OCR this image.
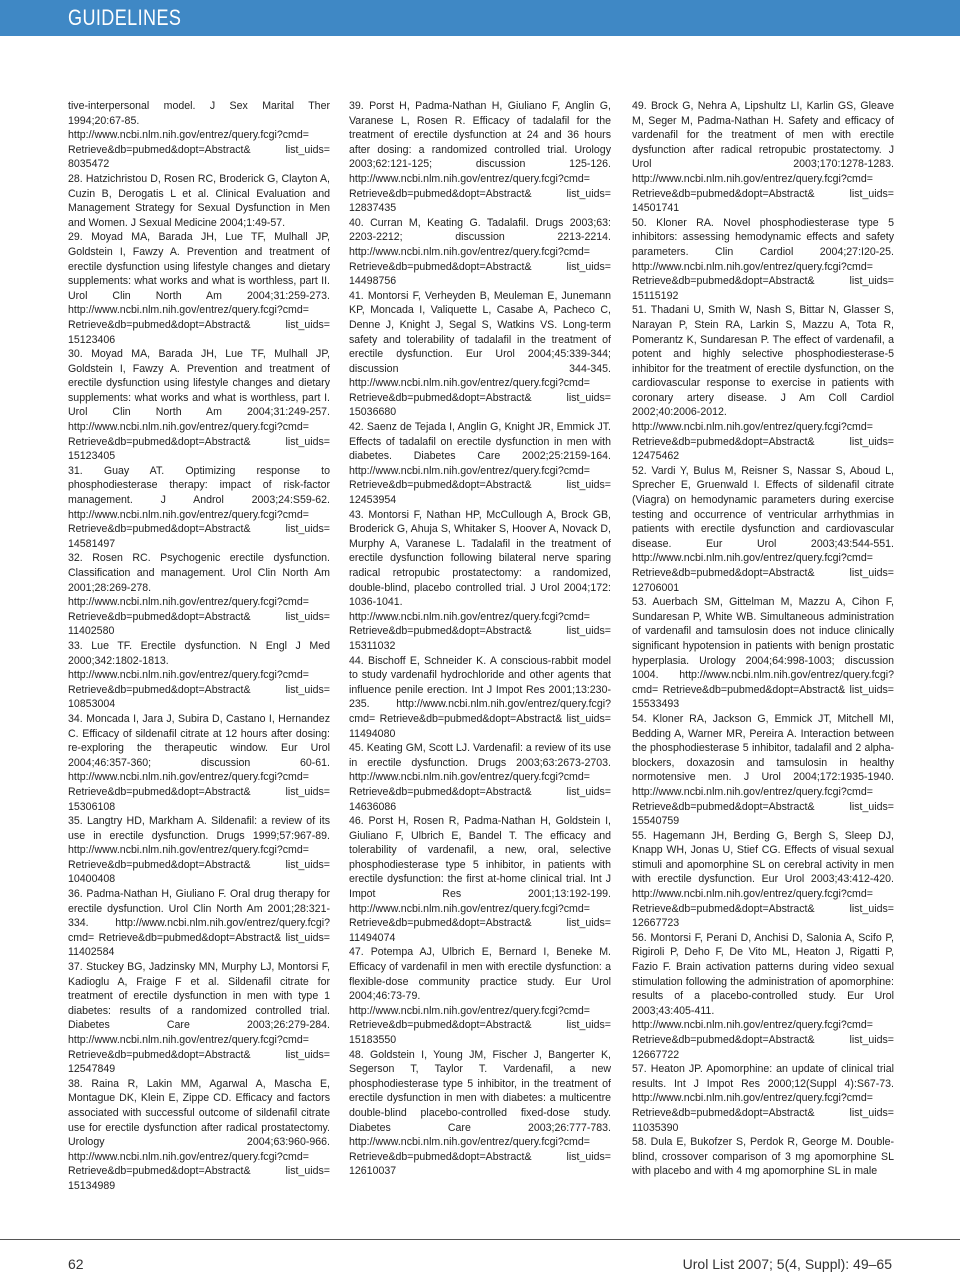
GUIDELINES

tive-interpersonal model. J Sex Marital Ther 1994;20:67-85. http://www.ncbi.nlm.nih.gov/entrez/query.fcgi?cmd= Retrieve&db=pubmed&dopt=Abstract& list_uids= 8035472

28. Hatzichristou D, Rosen RC, Broderick G, Clayton A, Cuzin B, Derogatis L et al. Clinical Evaluation and Management Strategy for Sexual Dysfunction in Men and Women. J Sexual Medicine 2004;1:49-57.

29. Moyad MA, Barada JH, Lue TF, Mulhall JP, Goldstein I, Fawzy A. Prevention and treatment of erectile dysfunction using lifestyle changes and dietary supplements: what works and what is worthless, part II. Urol Clin North Am 2004;31:259-273. http://www.ncbi.nlm.nih.gov/entrez/query.fcgi?cmd= Retrieve&db=pubmed&dopt=Abstract& list_uids= 15123406

30. Moyad MA, Barada JH, Lue TF, Mulhall JP, Goldstein I, Fawzy A. Prevention and treatment of erectile dysfunction using lifestyle changes and dietary supplements: what works and what is worthless, part I. Urol Clin North Am 2004;31:249-257. http://www.ncbi.nlm.nih.gov/entrez/query.fcgi?cmd= Retrieve&db=pubmed&dopt=Abstract& list_uids= 15123405

31. Guay AT. Optimizing response to phosphodiesterase therapy: impact of risk-factor management. J Androl 2003;24:S59-62. http://www.ncbi.nlm.nih.gov/entrez/query.fcgi?cmd= Retrieve&db=pubmed&dopt=Abstract& list_uids= 14581497

32. Rosen RC. Psychogenic erectile dysfunction. Classification and management. Urol Clin North Am 2001;28:269-278. http://www.ncbi.nlm.nih.gov/entrez/query.fcgi?cmd= Retrieve&db=pubmed&dopt=Abstract& list_uids= 11402580

33. Lue TF. Erectile dysfunction. N Engl J Med 2000;342:1802-1813. http://www.ncbi.nlm.nih.gov/entrez/query.fcgi?cmd= Retrieve&db=pubmed&dopt=Abstract& list_uids= 10853004

34. Moncada I, Jara J, Subira D, Castano I, Hernandez C. Efficacy of sildenafil citrate at 12 hours after dosing: re-exploring the therapeutic window. Eur Urol 2004;46:357-360; discussion 60-61. http://www.ncbi.nlm.nih.gov/entrez/query.fcgi?cmd= Retrieve&db=pubmed&dopt=Abstract& list_uids= 15306108

35. Langtry HD, Markham A. Sildenafil: a review of its use in erectile dysfunction. Drugs 1999;57:967-89. http://www.ncbi.nlm.nih.gov/entrez/query.fcgi?cmd= Retrieve&db=pubmed&dopt=Abstract& list_uids= 10400408

36. Padma-Nathan H, Giuliano F. Oral drug therapy for erectile dysfunction. Urol Clin North Am 2001;28:321-334. http://www.ncbi.nlm.nih.gov/entrez/query.fcgi?cmd= Retrieve&db=pubmed&dopt=Abstract& list_uids= 11402584

37. Stuckey BG, Jadzinsky MN, Murphy LJ, Montorsi F, Kadioglu A, Fraige F et al. Sildenafil citrate for treatment of erectile dysfunction in men with type 1 diabetes: results of a randomized controlled trial. Diabetes Care 2003;26:279-284. http://www.ncbi.nlm.nih.gov/entrez/query.fcgi?cmd= Retrieve&db=pubmed&dopt=Abstract& list_uids= 12547849

38. Raina R, Lakin MM, Agarwal A, Mascha E, Montague DK, Klein E, Zippe CD. Efficacy and factors associated with successful outcome of sildenafil citrate use for erectile dysfunction after radical prostatectomy. Urology 2004;63:960-966. http://www.ncbi.nlm.nih.gov/entrez/query.fcgi?cmd= Retrieve&db=pubmed&dopt=Abstract& list_uids= 15134989

39. Porst H, Padma-Nathan H, Giuliano F, Anglin G, Varanese L, Rosen R. Efficacy of tadalafil for the treatment of erectile dysfunction at 24 and 36 hours after dosing: a randomized controlled trial. Urology 2003;62:121-125; discussion 125-126. http://www.ncbi.nlm.nih.gov/entrez/query.fcgi?cmd= Retrieve&db=pubmed&dopt=Abstract& list_uids= 12837435

40. Curran M, Keating G. Tadalafil. Drugs 2003;63: 2203-2212; discussion 2213-2214. http://www.ncbi.nlm.nih.gov/entrez/query.fcgi?cmd= Retrieve&db=pubmed&dopt=Abstract& list_uids= 14498756

41. Montorsi F, Verheyden B, Meuleman E, Junemann KP, Moncada I, Valiquette L, Casabe A, Pacheco C, Denne J, Knight J, Segal S, Watkins VS. Long-term safety and tolerability of tadalafil in the treatment of erectile dysfunction. Eur Urol 2004;45:339-344; discussion 344-345. http://www.ncbi.nlm.nih.gov/entrez/query.fcgi?cmd= Retrieve&db=pubmed&dopt=Abstract& list_uids= 15036680

42. Saenz de Tejada I, Anglin G, Knight JR, Emmick JT. Effects of tadalafil on erectile dysfunction in men with diabetes. Diabetes Care 2002;25:2159-164. http://www.ncbi.nlm.nih.gov/entrez/query.fcgi?cmd= Retrieve&db=pubmed&dopt=Abstract& list_uids= 12453954

43. Montorsi F, Nathan HP, McCullough A, Brock GB, Broderick G, Ahuja S, Whitaker S, Hoover A, Novack D, Murphy A, Varanese L. Tadalafil in the treatment of erectile dysfunction following bilateral nerve sparing radical retropubic prostatectomy: a randomized, double-blind, placebo controlled trial. J Urol 2004;172: 1036-1041. http://www.ncbi.nlm.nih.gov/entrez/query.fcgi?cmd= Retrieve&db=pubmed&dopt=Abstract& list_uids= 15311032

44. Bischoff E, Schneider K. A conscious-rabbit model to study vardenafil hydrochloride and other agents that influence penile erection. Int J Impot Res 2001;13:230-235. http://www.ncbi.nlm.nih.gov/entrez/query.fcgi?cmd= Retrieve&db=pubmed&dopt=Abstract& list_uids= 11494080

45. Keating GM, Scott LJ. Vardenafil: a review of its use in erectile dysfunction. Drugs 2003;63:2673-2703. http://www.ncbi.nlm.nih.gov/entrez/query.fcgi?cmd= Retrieve&db=pubmed&dopt=Abstract& list_uids= 14636086

46. Porst H, Rosen R, Padma-Nathan H, Goldstein I, Giuliano F, Ulbrich E, Bandel T. The efficacy and tolerability of vardenafil, a new, oral, selective phosphodiesterase type 5 inhibitor, in patients with erectile dysfunction: the first at-home clinical trial. Int J Impot Res 2001;13:192-199. http://www.ncbi.nlm.nih.gov/entrez/query.fcgi?cmd= Retrieve&db=pubmed&dopt=Abstract& list_uids= 11494074

47. Potempa AJ, Ulbrich E, Bernard I, Beneke M. Efficacy of vardenafil in men with erectile dysfunction: a flexible-dose community practice study. Eur Urol 2004;46:73-79. http://www.ncbi.nlm.nih.gov/entrez/query.fcgi?cmd= Retrieve&db=pubmed&dopt=Abstract& list_uids= 15183550

48. Goldstein I, Young JM, Fischer J, Bangerter K, Segerson T, Taylor T. Vardenafil, a new phosphodiesterase type 5 inhibitor, in the treatment of erectile dysfunction in men with diabetes: a multicentre double-blind placebo-controlled fixed-dose study. Diabetes Care 2003;26:777-783. http://www.ncbi.nlm.nih.gov/entrez/query.fcgi?cmd= Retrieve&db=pubmed&dopt=Abstract& list_uids= 12610037

49. Brock G, Nehra A, Lipshultz LI, Karlin GS, Gleave M, Seger M, Padma-Nathan H. Safety and efficacy of vardenafil for the treatment of men with erectile dysfunction after radical retropubic prostatectomy. J Urol 2003;170:1278-1283. http://www.ncbi.nlm.nih.gov/entrez/query.fcgi?cmd= Retrieve&db=pubmed&dopt=Abstract& list_uids= 14501741

50. Kloner RA. Novel phosphodiesterase type 5 inhibitors: assessing hemodynamic effects and safety parameters. Clin Cardiol 2004;27:I20-25. http://www.ncbi.nlm.nih.gov/entrez/query.fcgi?cmd= Retrieve&db=pubmed&dopt=Abstract& list_uids= 15115192

51. Thadani U, Smith W, Nash S, Bittar N, Glasser S, Narayan P, Stein RA, Larkin S, Mazzu A, Tota R, Pomerantz K, Sundaresan P. The effect of vardenafil, a potent and highly selective phosphodiesterase-5 inhibitor for the treatment of erectile dysfunction, on the cardiovascular response to exercise in patients with coronary artery disease. J Am Coll Cardiol 2002;40:2006-2012. http://www.ncbi.nlm.nih.gov/entrez/query.fcgi?cmd= Retrieve&db=pubmed&dopt=Abstract& list_uids= 12475462

52. Vardi Y, Bulus M, Reisner S, Nassar S, Aboud L, Sprecher E, Gruenwald I. Effects of sildenafil citrate (Viagra) on hemodynamic parameters during exercise testing and occurrence of ventricular arrhythmias in patients with erectile dysfunction and cardiovascular disease. Eur Urol 2003;43:544-551. http://www.ncbi.nlm.nih.gov/entrez/query.fcgi?cmd= Retrieve&db=pubmed&dopt=Abstract& list_uids= 12706001

53. Auerbach SM, Gittelman M, Mazzu A, Cihon F, Sundaresan P, White WB. Simultaneous administration of vardenafil and tamsulosin does not induce clinically significant hypotension in patients with benign prostatic hyperplasia. Urology 2004;64:998-1003; discussion 1004. http://www.ncbi.nlm.nih.gov/entrez/query.fcgi?cmd= Retrieve&db=pubmed&dopt=Abstract& list_uids= 15533493

54. Kloner RA, Jackson G, Emmick JT, Mitchell MI, Bedding A, Warner MR, Pereira A. Interaction between the phosphodiesterase 5 inhibitor, tadalafil and 2 alpha-blockers, doxazosin and tamsulosin in healthy normotensive men. J Urol 2004;172:1935-1940. http://www.ncbi.nlm.nih.gov/entrez/query.fcgi?cmd= Retrieve&db=pubmed&dopt=Abstract& list_uids= 15540759

55. Hagemann JH, Berding G, Bergh S, Sleep DJ, Knapp WH, Jonas U, Stief CG. Effects of visual sexual stimuli and apomorphine SL on cerebral activity in men with erectile dysfunction. Eur Urol 2003;43:412-420. http://www.ncbi.nlm.nih.gov/entrez/query.fcgi?cmd= Retrieve&db=pubmed&dopt=Abstract& list_uids= 12667723

56. Montorsi F, Perani D, Anchisi D, Salonia A, Scifo P, Rigiroli P, Deho F, De Vito ML, Heaton J, Rigatti P, Fazio F. Brain activation patterns during video sexual stimulation following the administration of apomorphine: results of a placebo-controlled study. Eur Urol 2003;43:405-411. http://www.ncbi.nlm.nih.gov/entrez/query.fcgi?cmd= Retrieve&db=pubmed&dopt=Abstract& list_uids= 12667722

57. Heaton JP. Apomorphine: an update of clinical trial results. Int J Impot Res 2000;12(Suppl 4):S67-73. http://www.ncbi.nlm.nih.gov/entrez/query.fcgi?cmd= Retrieve&db=pubmed&dopt=Abstract& list_uids= 11035390

58. Dula E, Bukofzer S, Perdok R, George M. Double-blind, crossover comparison of 3 mg apomorphine SL with placebo and with 4 mg apomorphine SL in male

62	Urol List 2007; 5(4, Suppl): 49–65
